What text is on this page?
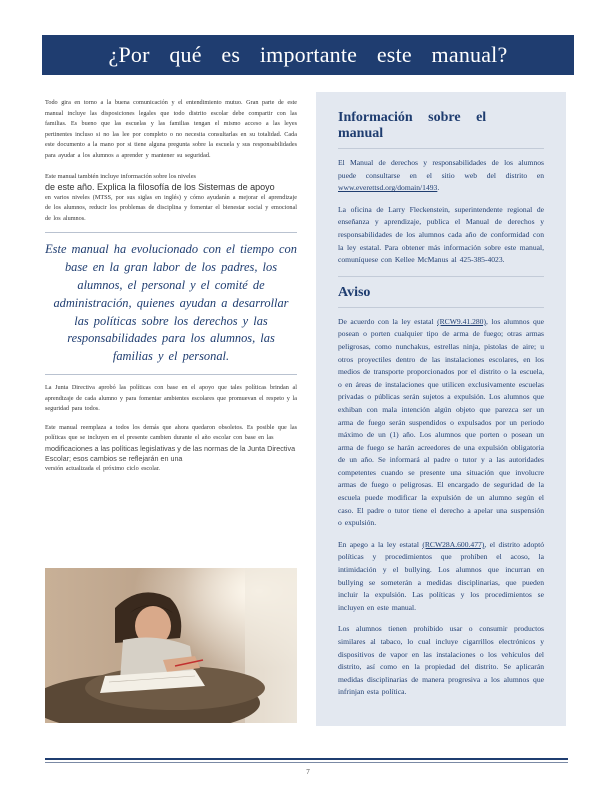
¿Por qué es importante este manual?

Todo gira en torno a la buena comunicación y el entendimiento mutuo. Gran parte de este manual incluye las disposiciones legales que todo distrito escolar debe compartir con las familias. Es bueno que las escuelas y las familias tengan el mismo acceso a las leyes pertinentes incluso si no las lee por completo o no necesita consultarlas en su totalidad. Cada este documento a la mano por si tiene alguna pregunta sobre la escuela y sus responsabilidades para ayudar a los alumnos a aprender y mantener su seguridad.

Este manual también incluye información sobre los niveles

de este año. Explica la filosofía de los Sistemas de apoyo

en varios niveles (MTSS, por sus siglas en inglés) y cómo ayudarán a mejorar el aprendizaje de los alumnos, reducir los problemas de disciplina y fomentar el bienestar social y emocional de los alumnos.

Este manual ha evolucionado con el tiempo con base en la gran labor de los padres, los alumnos, el personal y el comité de administración, quienes ayudan a desarrollar las políticas sobre los derechos y las responsabilidades para los alumnos, las familias y el personal.

La Junta Directiva aprobó las políticas con base en el apoyo que tales políticas brindan al aprendizaje de cada alumno y para fomentar ambientes escolares que promuevan el respeto y la seguridad para todos.

Este manual reemplaza a todos los demás que ahora quedaron obsoletos. Es posible que las políticas que se incluyen en el presente cambien durante el año escolar con base en las

modificaciones a las políticas legislativas y de las normas de la Junta Directiva Escolar; esos cambios se reflejarán en una

versión actualizada el próximo ciclo escolar.

Información sobre el manual

El Manual de derechos y responsabilidades de los alumnos puede consultarse en el sitio web del distrito en www.everettsd.org/domain/1493.

La oficina de Larry Fleckenstein, superintendente regional de enseñanza y aprendizaje, publica el Manual de derechos y responsabilidades de los alumnos cada año de conformidad con la ley estatal. Para obtener más información sobre este manual, comuníquese con Kellee McManus al 425-385-4023.

Aviso

De acuerdo con la ley estatal (RCW9.41.280), los alumnos que posean o porten cualquier tipo de arma de fuego; otras armas peligrosas, como nunchakus, estrellas ninja, pistolas de aire; u otros proyectiles dentro de las instalaciones escolares, en los medios de transporte proporcionados por el distrito o la escuela, o en áreas de instalaciones que utilicen exclusivamente escuelas privadas o públicas serán sujetos a expulsión. Los alumnos que exhiban con mala intención algún objeto que parezca ser un arma de fuego serán suspendidos o expulsados por un periodo máximo de un (1) año. Los alumnos que porten o posean un arma de fuego se harán acreedores de una expulsión obligatoria de un año. Se informará al padre o tutor y a las autoridades competentes cuando se presente una situación que involucre armas de fuego o peligrosas. El encargado de seguridad de la escuela puede modificar la expulsión de un alumno según el caso. El padre o tutor tiene el derecho a apelar una suspensión o expulsión.

En apego a la ley estatal (RCW28A.600.477), el distrito adoptó políticas y procedimientos que prohíben el acoso, la intimidación y el bullying. Los alumnos que incurran en bullying se someterán a medidas disciplinarias, que pueden incluir la expulsión. Las políticas y los procedimientos se incluyen en este manual.

Los alumnos tienen prohibido usar o consumir productos similares al tabaco, lo cual incluye cigarrillos electrónicos y dispositivos de vapor en las instalaciones o los vehículos del distrito, así como en la propiedad del distrito. Se aplicarán medidas disciplinarias de manera progresiva a los alumnos que infrinjan esta política.

7
